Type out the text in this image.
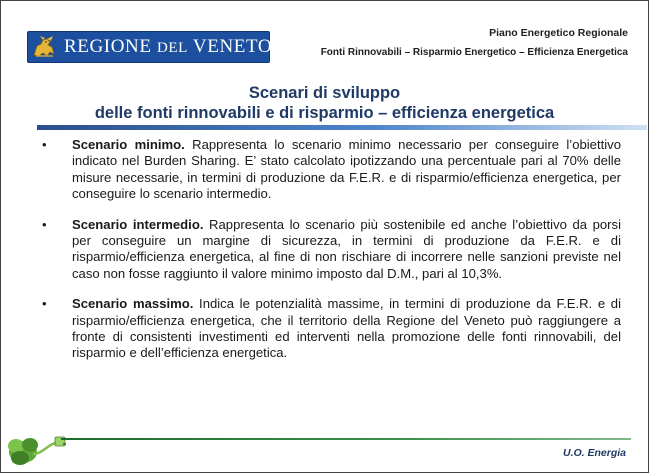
REGIONE DEL VENETO
Piano Energetico Regionale
Fonti Rinnovabili – Risparmio Energetico – Efficienza Energetica
Scenari di sviluppo
delle fonti rinnovabili e di risparmio – efficienza energetica
• Scenario minimo. Rappresenta lo scenario minimo necessario per conseguire l’obiettivo indicato nel Burden Sharing. E’ stato calcolato ipotizzando una percentuale pari al 70% delle misure necessarie, in termini di produzione da F.E.R. e di risparmio/efficienza energetica, per conseguire lo scenario intermedio.
• Scenario intermedio. Rappresenta lo scenario più sostenibile ed anche l’obiettivo da porsi per conseguire un margine di sicurezza, in termini di produzione da F.E.R. e di risparmio/efficienza energetica, al fine di non rischiare di incorrere nelle sanzioni previste nel caso non fosse raggiunto il valore minimo imposto dal D.M., pari al 10,3%.
• Scenario massimo. Indica le potenzialità massime, in termini di produzione da F.E.R. e di risparmio/efficienza energetica, che il territorio della Regione del Veneto può raggiungere a fronte di consistenti investimenti ed interventi nella promozione delle fonti rinnovabili, del risparmio e dell’efficienza energetica.
U.O. Energia
